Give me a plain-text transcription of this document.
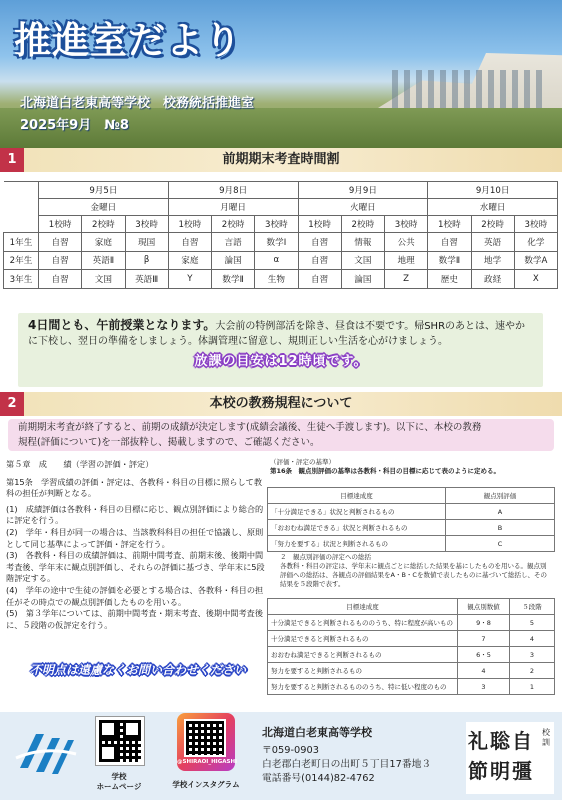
推進室だより
北海道白老東高等学校　校務統括推進室
2025年9月　№8
1	前期期末考査時間割
	9月5日			9月8日			9月9日			9月10日		
	金曜日			月曜日			火曜日			水曜日		
	1校時	2校時	3校時	1校時	2校時	3校時	1校時	2校時	3校時	1校時	2校時	3校時
1年生	自習	家庭	現国	自習	言語	数学Ⅰ	自習	情報	公共	自習	英語	化学
2年生	自習	英語Ⅱ	β	家庭	論国	α	自習	文国	地理	数学Ⅱ	地学	数学A
3年生	自習	文国	英語Ⅲ	Y	数学Ⅱ	生物	自習	論国	Z	歴史	政経	X
4日間とも、午前授業となります。大会前の特例部活を除き、昼食は不要です。帰SHRのあとは、速やか
に下校し、翌日の準備をしましょう。体調管理に留意し、規則正しい生活を心がけましょう。
放課の目安は12時頃です。
2	本校の教務規程について
前期期末考査が終了すると、前期の成績が決定します(成績会議後、生徒へ手渡します)。以下に、本校の教務
規程(評価について)を一部抜粋し、掲載しますので、ご確認ください。

第５章　成　　績（学習の評価・評定）

第15条　学習成績の評価・評定は、各教科・科目の目標に照らして教科の担任が判断となる。

(1)　成績評価は各教科・科目の目標に応じ、観点別評価により総合的に評定を行う。

(2)　学年・科目が同一の場合は、当該教科科目の担任で協議し、原則として同じ基準によって評価・評定を行う。

(3)　各教科・科目の成績評価は、前期中間考査、前期末後、後期中間考査後、学年末に観点別評価し、それらの評価に基づき、学年末に5段階評定する。

(4)　学年の途中で生徒の評価を必要とする場合は、各教科・科目の担任がその時点での観点別評価したものを用いる。

(5)　第３学年については、前期中間考査・期末考査、後期中間考査後に、５段階の仮評定を行う。

不明点は遠慮なくお問い合わせください
（評価・評定の基準）
第16条　観点別評価の基準は各教科・科目の目標に応じて表のように定める。
目標達成度	観点別評価
「十分満足できる」状況と判断されるもの	A
「おおむね満足できる」状況と判断されるもの	B
「努力を要する」状況と判断されるもの	C
２　観点別評価の評定への総括
各教科・科目の評定は、学年末に観点ごとに総括した結果を基にしたものを用いる。観点別評価への総括は、各観点の評価結果をA・B・Cを数値で表したものに基づいて総括し、その結果を５段階で表す。
目標達成度	観点別数値	５段階
十分満足できると判断されるもののうち、特に程度が高いもの	9・8	5
十分満足できると判断されるもの	7	4
おおむね満足できると判断されるもの	6・5	3
努力を要すると判断されるもの	4	2
努力を要すると判断されるもののうち、特に低い程度のもの	3	1
学校
ホームページ
@SHIRAOI_HIGASHI
学校インスタグラム
北海道白老東高等学校
〒059-0903
白老郡白老町日の出町５丁目17番地３
電話番号(0144)82-4762
礼聡自節明彊
校訓
